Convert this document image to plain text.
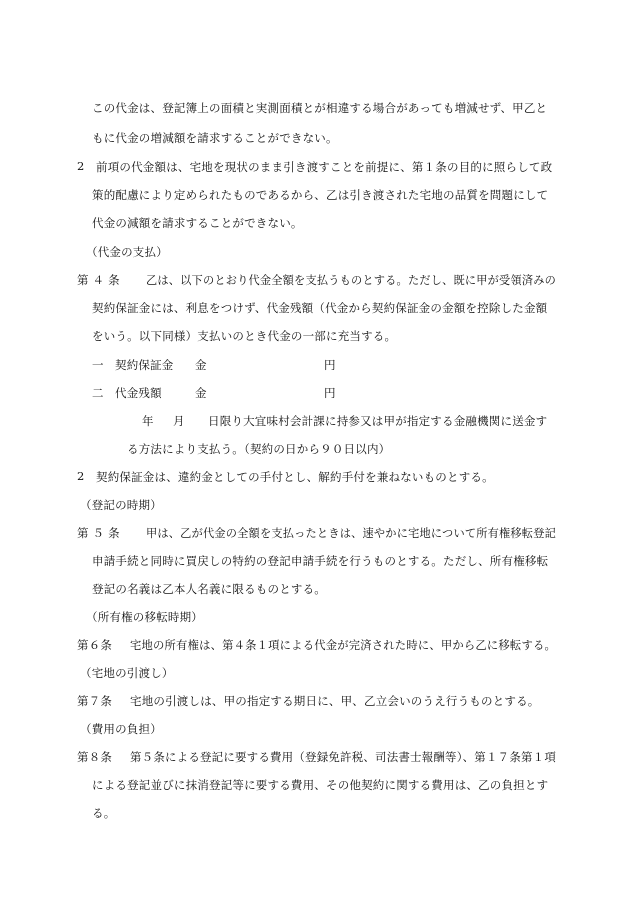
この代金は、登記簿上の面積と実測面積とが相違する場合があっても増減せず、甲乙と
もに代金の増減額を請求することができない。
2 前項の代金額は、宅地を現状のまま引き渡すことを前提に、第１条の目的に照らして政
策的配慮により定められたものであるから、乙は引き渡された宅地の品質を問題にして
代金の減額を請求することができない。
（代金の支払）
第 ４ 条 乙は、以下のとおり代金全額を支払うものとする。ただし、既に甲が受領済みの
契約保証金には、利息をつけず、代金残額（代金から契約保証金の金額を控除した金額
をいう。以下同様）支払いのとき代金の一部に充当する。
一 契約保証金 金	円
二 代金残額	金	円
年 月 日限り大宜味村会計課に持参又は甲が指定する金融機関に送金す
る方法により支払う。（契約の日から９０日以内）
2 契約保証金は、違約金としての手付とし、解約手付を兼ねないものとする。
（登記の時期）
第 ５ 条 甲は、乙が代金の全額を支払ったときは、速やかに宅地について所有権移転登記
申請手続と同時に買戻しの特約の登記申請手続を行うものとする。ただし、所有権移転
登記の名義は乙本人名義に限るものとする。
（所有権の移転時期）
第６条 宅地の所有権は、第４条１項による代金が完済された時に、甲から乙に移転する。
（宅地の引渡し）
第７条 宅地の引渡しは、甲の指定する期日に、甲、乙立会いのうえ行うものとする。
（費用の負担）
第８条 第５条による登記に要する費用（登録免許税、司法書士報酬等）、第１７条第１項
による登記並びに抹消登記等に要する費用、その他契約に関する費用は、乙の負担とす
る。
